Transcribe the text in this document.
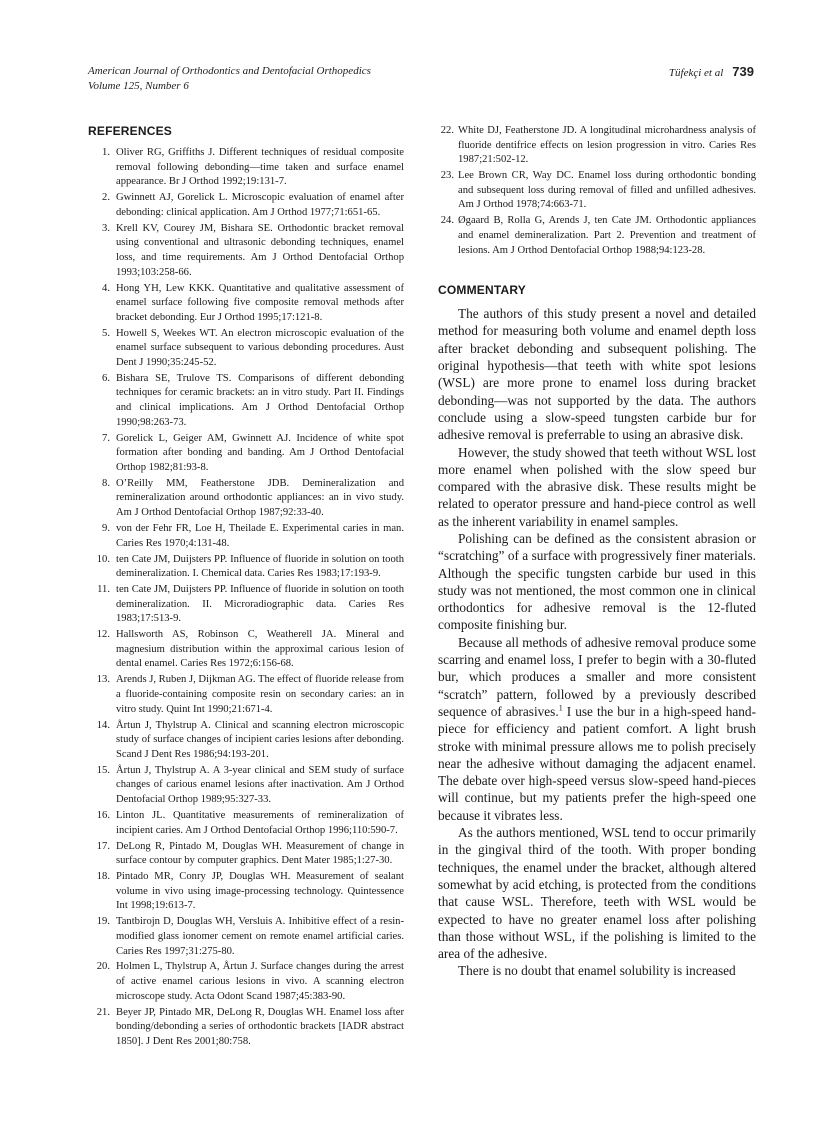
American Journal of Orthodontics and Dentofacial Orthopedics
Volume 125, Number 6
Tüfekçi et al 739
REFERENCES
1. Oliver RG, Griffiths J. Different techniques of residual composite removal following debonding—time taken and surface enamel appearance. Br J Orthod 1992;19:131-7.
2. Gwinnett AJ, Gorelick L. Microscopic evaluation of enamel after debonding: clinical application. Am J Orthod 1977;71:651-65.
3. Krell KV, Courey JM, Bishara SE. Orthodontic bracket removal using conventional and ultrasonic debonding techniques, enamel loss, and time requirements. Am J Orthod Dentofacial Orthop 1993;103:258-66.
4. Hong YH, Lew KKK. Quantitative and qualitative assessment of enamel surface following five composite removal methods after bracket debonding. Eur J Orthod 1995;17:121-8.
5. Howell S, Weekes WT. An electron microscopic evaluation of the enamel surface subsequent to various debonding procedures. Aust Dent J 1990;35:245-52.
6. Bishara SE, Trulove TS. Comparisons of different debonding techniques for ceramic brackets: an in vitro study. Part II. Findings and clinical implications. Am J Orthod Dentofacial Orthop 1990;98:263-73.
7. Gorelick L, Geiger AM, Gwinnett AJ. Incidence of white spot formation after bonding and banding. Am J Orthod Dentofacial Orthop 1982;81:93-8.
8. O’Reilly MM, Featherstone JDB. Demineralization and remineralization around orthodontic appliances: an in vivo study. Am J Orthod Dentofacial Orthop 1987;92:33-40.
9. von der Fehr FR, Loe H, Theilade E. Experimental caries in man. Caries Res 1970;4:131-48.
10. ten Cate JM, Duijsters PP. Influence of fluoride in solution on tooth demineralization. I. Chemical data. Caries Res 1983;17:193-9.
11. ten Cate JM, Duijsters PP. Influence of fluoride in solution on tooth demineralization. II. Microradiographic data. Caries Res 1983;17:513-9.
12. Hallsworth AS, Robinson C, Weatherell JA. Mineral and magnesium distribution within the approximal carious lesion of dental enamel. Caries Res 1972;6:156-68.
13. Arends J, Ruben J, Dijkman AG. The effect of fluoride release from a fluoride-containing composite resin on secondary caries: an in vitro study. Quint Int 1990;21:671-4.
14. Årtun J, Thylstrup A. Clinical and scanning electron microscopic study of surface changes of incipient caries lesions after debonding. Scand J Dent Res 1986;94:193-201.
15. Årtun J, Thylstrup A. A 3-year clinical and SEM study of surface changes of carious enamel lesions after inactivation. Am J Orthod Dentofacial Orthop 1989;95:327-33.
16. Linton JL. Quantitative measurements of remineralization of incipient caries. Am J Orthod Dentofacial Orthop 1996;110:590-7.
17. DeLong R, Pintado M, Douglas WH. Measurement of change in surface contour by computer graphics. Dent Mater 1985;1:27-30.
18. Pintado MR, Conry JP, Douglas WH. Measurement of sealant volume in vivo using image-processing technology. Quintessence Int 1998;19:613-7.
19. Tantbirojn D, Douglas WH, Versluis A. Inhibitive effect of a resin-modified glass ionomer cement on remote enamel artificial caries. Caries Res 1997;31:275-80.
20. Holmen L, Thylstrup A, Årtun J. Surface changes during the arrest of active enamel carious lesions in vivo. A scanning electron microscope study. Acta Odont Scand 1987;45:383-90.
21. Beyer JP, Pintado MR, DeLong R, Douglas WH. Enamel loss after bonding/debonding a series of orthodontic brackets [IADR abstract 1850]. J Dent Res 2001;80:758.
22. White DJ, Featherstone JD. A longitudinal microhardness analysis of fluoride dentifrice effects on lesion progression in vitro. Caries Res 1987;21:502-12.
23. Lee Brown CR, Way DC. Enamel loss during orthodontic bonding and subsequent loss during removal of filled and unfilled adhesives. Am J Orthod 1978;74:663-71.
24. Øgaard B, Rolla G, Arends J, ten Cate JM. Orthodontic appliances and enamel demineralization. Part 2. Prevention and treatment of lesions. Am J Orthod Dentofacial Orthop 1988;94:123-28.
COMMENTARY

The authors of this study present a novel and detailed method for measuring both volume and enamel depth loss after bracket debonding and subsequent polishing. The original hypothesis—that teeth with white spot lesions (WSL) are more prone to enamel loss during bracket debonding—was not supported by the data. The authors conclude using a slow-speed tungsten carbide bur for adhesive removal is preferrable to using an abrasive disk.

However, the study showed that teeth without WSL lost more enamel when polished with the slow speed bur compared with the abrasive disk. These results might be related to operator pressure and hand-piece control as well as the inherent variability in enamel samples.

Polishing can be defined as the consistent abrasion or “scratching” of a surface with progressively finer materials. Although the specific tungsten carbide bur used in this study was not mentioned, the most common one in clinical orthodontics for adhesive removal is the 12-fluted composite finishing bur.

Because all methods of adhesive removal produce some scarring and enamel loss, I prefer to begin with a 30-fluted bur, which produces a smaller and more consistent “scratch” pattern, followed by a previously described sequence of abrasives.$^1$ I use the bur in a high-speed hand-piece for efficiency and patient comfort. A light brush stroke with minimal pressure allows me to polish precisely near the adhesive without damaging the adjacent enamel. The debate over high-speed versus slow-speed hand-pieces will continue, but my patients prefer the high-speed one because it vibrates less.

As the authors mentioned, WSL tend to occur primarily in the gingival third of the tooth. With proper bonding techniques, the enamel under the bracket, although altered somewhat by acid etching, is protected from the conditions that cause WSL. Therefore, teeth with WSL would be expected to have no greater enamel loss after polishing than those without WSL, if the polishing is limited to the area of the adhesive.

There is no doubt that enamel solubility is increased
